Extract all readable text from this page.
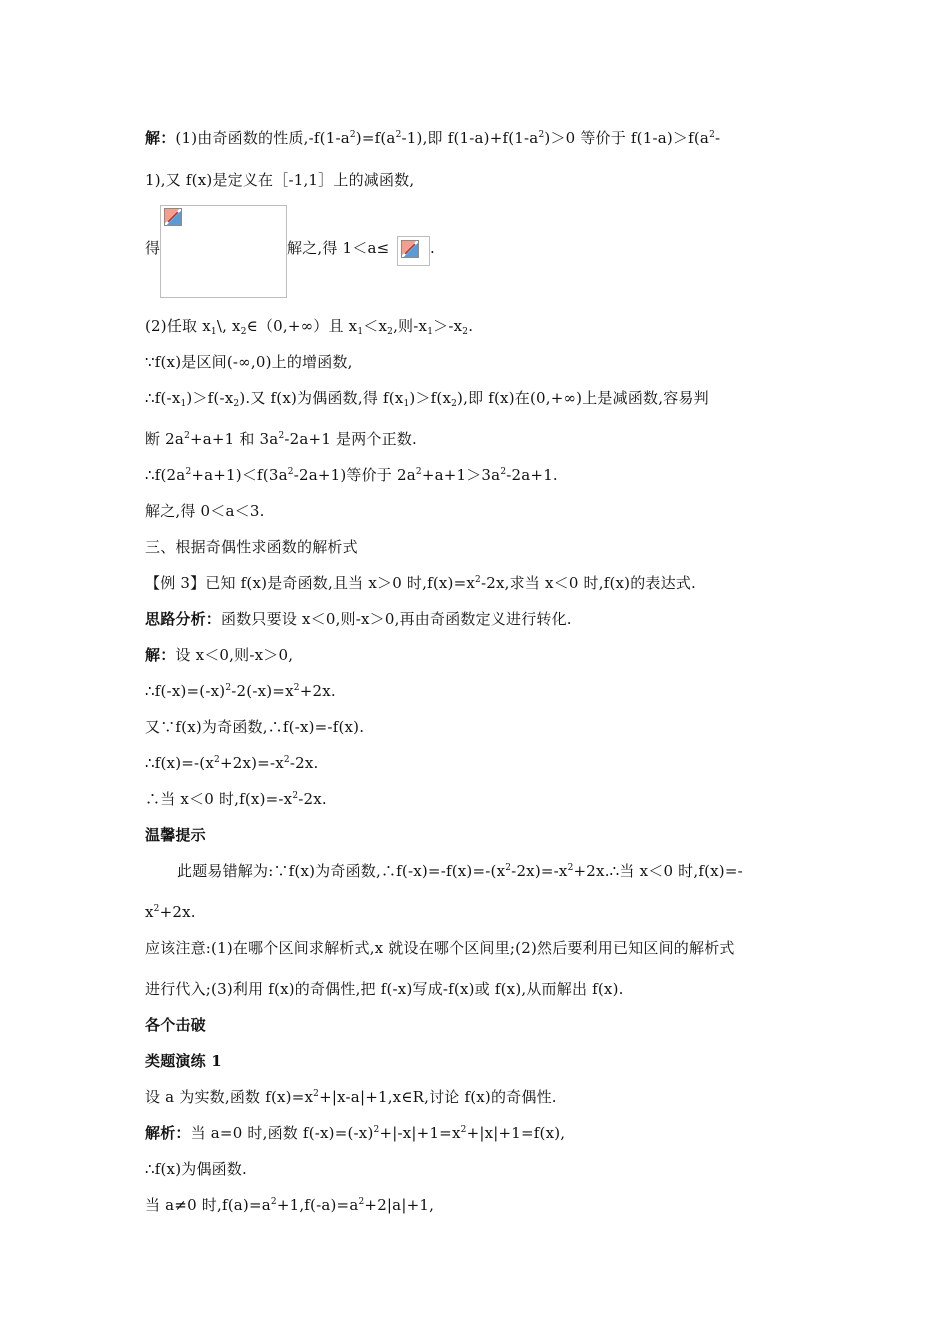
解：(1)由奇函数的性质$,-f(1-a^2)=f(a^2-1)$,即 $f(1-a)+f(1-a^2)>0$ 等价于 $f(1-a)>f(a^2-$
1),又 f(x)是定义在［-1,1］上的减函数,
得	解之,得 1＜a≤	.
(2)任取 $x_1\backslash$, $x_2\in(0,+\infty)$且 $x_1<x_2$,则$-x_1>-x_2$.
∵f(x)是区间(-∞,0)上的增函数,
$\therefore f(-x_1)>f(-x_2)$.又 f(x)为偶函数,得 $f(x_1)>f(x_2)$,即 f(x)在(0,+∞)上是减函数,容易判
断 $2a^2+a+1$ 和 $3a^2-2a+1$ 是两个正数.
$\therefore f(2a^2+a+1)<f(3a^2-2a+1)$等价于 $2a^2+a+1>3a^2-2a+1$.
解之,得 0＜a＜3.
三、根据奇偶性求函数的解析式
【例 3】已知 f(x)是奇函数,且当 x＞0 时$,f(x)=x^2-2x$,求当 x＜0 时,f(x)的表达式.
思路分析：函数只要设 x＜0,则-x＞0,再由奇函数定义进行转化.
解：设 x＜0,则-x＞0,
$\therefore f(-x)=(-x)^2-2(-x)=x^2+2x$.
又∵f(x)为奇函数,∴f(-x)=-f(x).
$\therefore f(x)=-(x^2+2x)=-x^2-2x$.
∴当 x＜0 时$,f(x)=-x^2-2x$.
温馨提示
此题易错解为:∵f(x)为奇函数$,\therefore f(-x)=-f(x)=-(x^2-2x)=-x^2+2x.\therefore$当 x＜0 时,f(x)=-
$x^2+2x$.
应该注意:(1)在哪个区间求解析式,x 就设在哪个区间里;(2)然后要利用已知区间的解析式
进行代入;(3)利用 f(x)的奇偶性,把 f(-x)写成-f(x)或 f(x),从而解出 f(x).
各个击破
类题演练 1
设 a 为实数,函数 $f(x)=x^2+|x-a|+1,x\in R$,讨论 f(x)的奇偶性.
解析：当 a=0 时,函数 $f(-x)=(-x)^2+|-x|+1=x^2+|x|+1=f(x)$,
∴f(x)为偶函数.
当 a≠0 时$,f(a)=a^2+1,f(-a)=a^2+2|a|+1$,
